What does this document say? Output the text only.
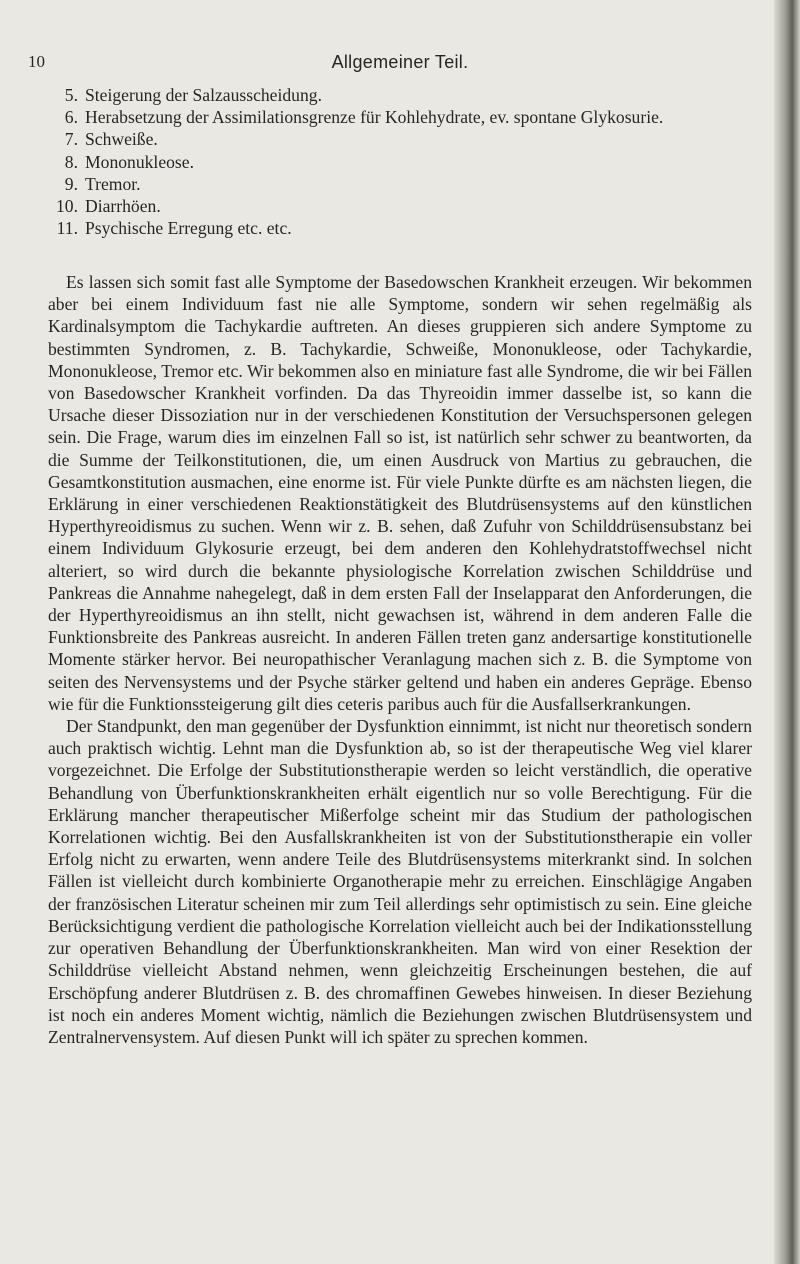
10	Allgemeiner Teil.
5. Steigerung der Salzausscheidung.
6. Herabsetzung der Assimilationsgrenze für Kohlehydrate, ev. spontane Glykosurie.
7. Schweiße.
8. Mononukleose.
9. Tremor.
10. Diarrhöen.
11. Psychische Erregung etc. etc.

Es lassen sich somit fast alle Symptome der Basedowschen Krankheit erzeugen. Wir bekommen aber bei einem Individuum fast nie alle Symptome, sondern wir sehen regelmäßig als Kardinalsymptom die Tachykardie auftreten. An dieses gruppieren sich andere Symptome zu bestimmten Syndromen, z. B. Tachykardie, Schweiße, Mononukleose, oder Tachykardie, Mononukleose, Tremor etc. Wir bekommen also en miniature fast alle Syndrome, die wir bei Fällen von Basedowscher Krankheit vorfinden. Da das Thyreoidin immer dasselbe ist, so kann die Ursache dieser Dissoziation nur in der verschiedenen Konstitution der Versuchspersonen gelegen sein. Die Frage, warum dies im einzelnen Fall so ist, ist natürlich sehr schwer zu beantworten, da die Summe der Teilkonstitutionen, die, um einen Ausdruck von Martius zu gebrauchen, die Gesamtkonstitution ausmachen, eine enorme ist. Für viele Punkte dürfte es am nächsten liegen, die Erklärung in einer verschiedenen Reaktionstätigkeit des Blutdrüsensystems auf den künstlichen Hyperthyreoidismus zu suchen. Wenn wir z. B. sehen, daß Zufuhr von Schilddrüsensubstanz bei einem Individuum Glykosurie erzeugt, bei dem anderen den Kohlehydratstoffwechsel nicht alteriert, so wird durch die bekannte physiologische Korrelation zwischen Schilddrüse und Pankreas die Annahme nahegelegt, daß in dem ersten Fall der Inselapparat den Anforderungen, die der Hyperthyreoidismus an ihn stellt, nicht gewachsen ist, während in dem anderen Falle die Funktionsbreite des Pankreas ausreicht. In anderen Fällen treten ganz andersartige konstitutionelle Momente stärker hervor. Bei neuropathischer Veranlagung machen sich z. B. die Symptome von seiten des Nervensystems und der Psyche stärker geltend und haben ein anderes Gepräge. Ebenso wie für die Funktionssteigerung gilt dies ceteris paribus auch für die Ausfallserkrankungen.

Der Standpunkt, den man gegenüber der Dysfunktion einnimmt, ist nicht nur theoretisch sondern auch praktisch wichtig. Lehnt man die Dysfunktion ab, so ist der therapeutische Weg viel klarer vorgezeichnet. Die Erfolge der Substitutionstherapie werden so leicht verständlich, die operative Behandlung von Überfunktionskrankheiten erhält eigentlich nur so volle Berechtigung. Für die Erklärung mancher therapeutischer Mißerfolge scheint mir das Studium der pathologischen Korrelationen wichtig. Bei den Ausfallskrankheiten ist von der Substitutionstherapie ein voller Erfolg nicht zu erwarten, wenn andere Teile des Blutdrüsensystems miterkrankt sind. In solchen Fällen ist vielleicht durch kombinierte Organotherapie mehr zu erreichen. Einschlägige Angaben der französischen Literatur scheinen mir zum Teil allerdings sehr optimistisch zu sein. Eine gleiche Berücksichtigung verdient die pathologische Korrelation vielleicht auch bei der Indikationsstellung zur operativen Behandlung der Überfunktionskrankheiten. Man wird von einer Resektion der Schilddrüse vielleicht Abstand nehmen, wenn gleichzeitig Erscheinungen bestehen, die auf Erschöpfung anderer Blutdrüsen z. B. des chromaffinen Gewebes hinweisen. In dieser Beziehung ist noch ein anderes Moment wichtig, nämlich die Beziehungen zwischen Blutdrüsensystem und Zentralnervensystem. Auf diesen Punkt will ich später zu sprechen kommen.
